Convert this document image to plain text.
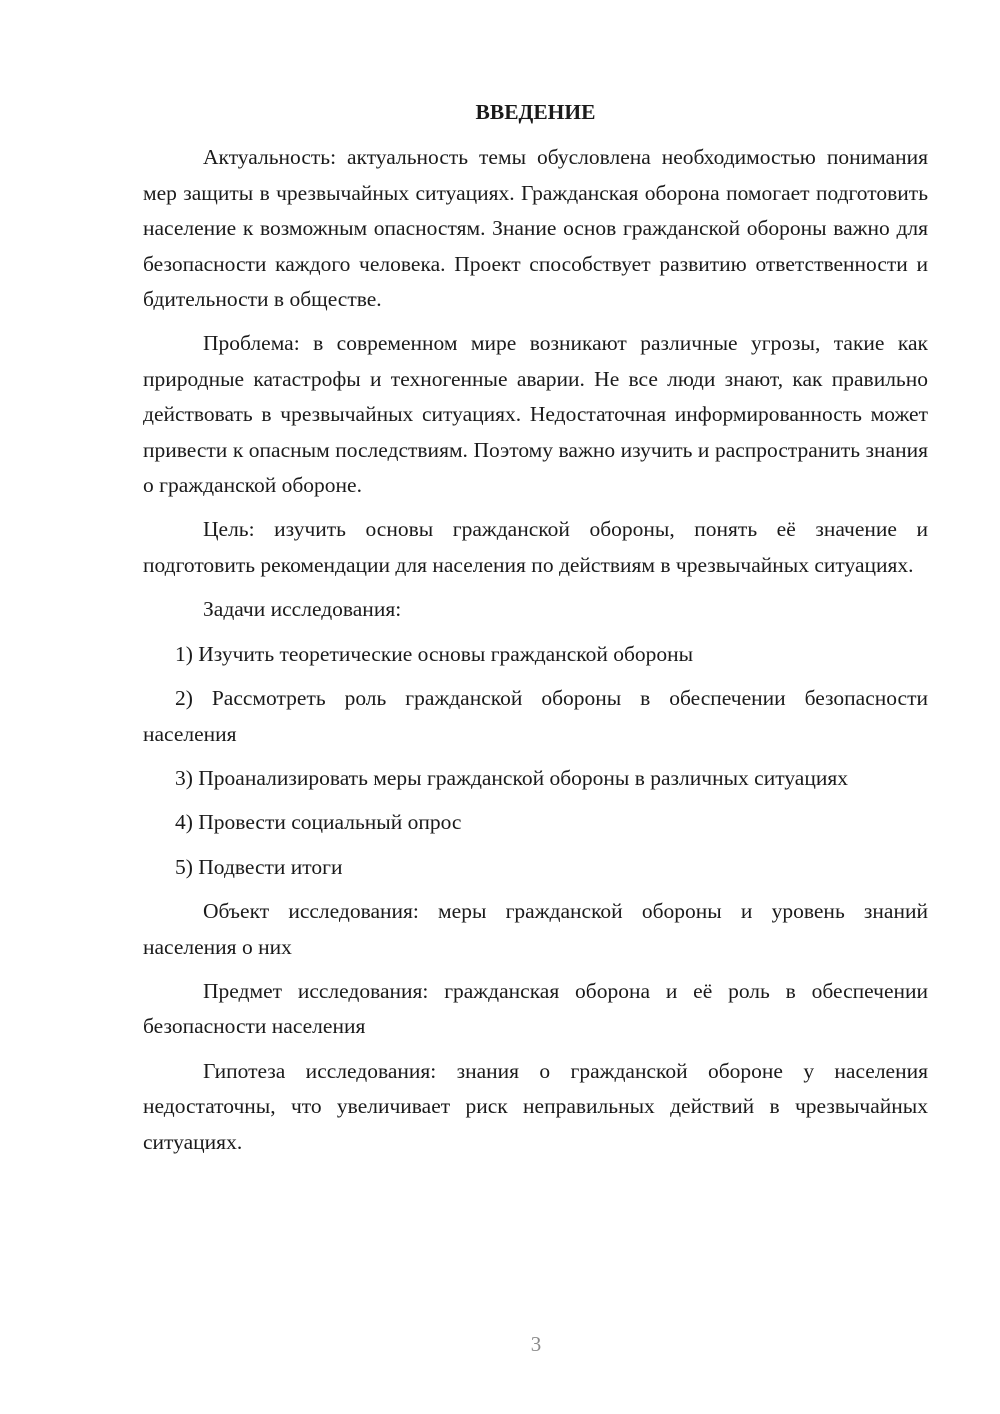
ВВЕДЕНИЕ

Актуальность: актуальность темы обусловлена необходимостью понимания мер защиты в чрезвычайных ситуациях. Гражданская оборона помогает подготовить население к возможным опасностям. Знание основ гражданской обороны важно для безопасности каждого человека. Проект способствует развитию ответственности и бдительности в обществе.

Проблема: в современном мире возникают различные угрозы, такие как природные катастрофы и техногенные аварии. Не все люди знают, как правильно действовать в чрезвычайных ситуациях. Недостаточная информированность может привести к опасным последствиям. Поэтому важно изучить и распространить знания о гражданской обороне.

Цель: изучить основы гражданской обороны, понять её значение и подготовить рекомендации для населения по действиям в чрезвычайных ситуациях.

Задачи исследования:

1) Изучить теоретические основы гражданской обороны

2) Рассмотреть роль гражданской обороны в обеспечении безопасности населения

3) Проанализировать меры гражданской обороны в различных ситуациях

4) Провести социальный опрос

5) Подвести итоги

Объект исследования: меры гражданской обороны и уровень знаний населения о них

Предмет исследования: гражданская оборона и её роль в обеспечении безопасности населения

Гипотеза исследования: знания о гражданской обороне у населения недостаточны, что увеличивает риск неправильных действий в чрезвычайных ситуациях.

3
